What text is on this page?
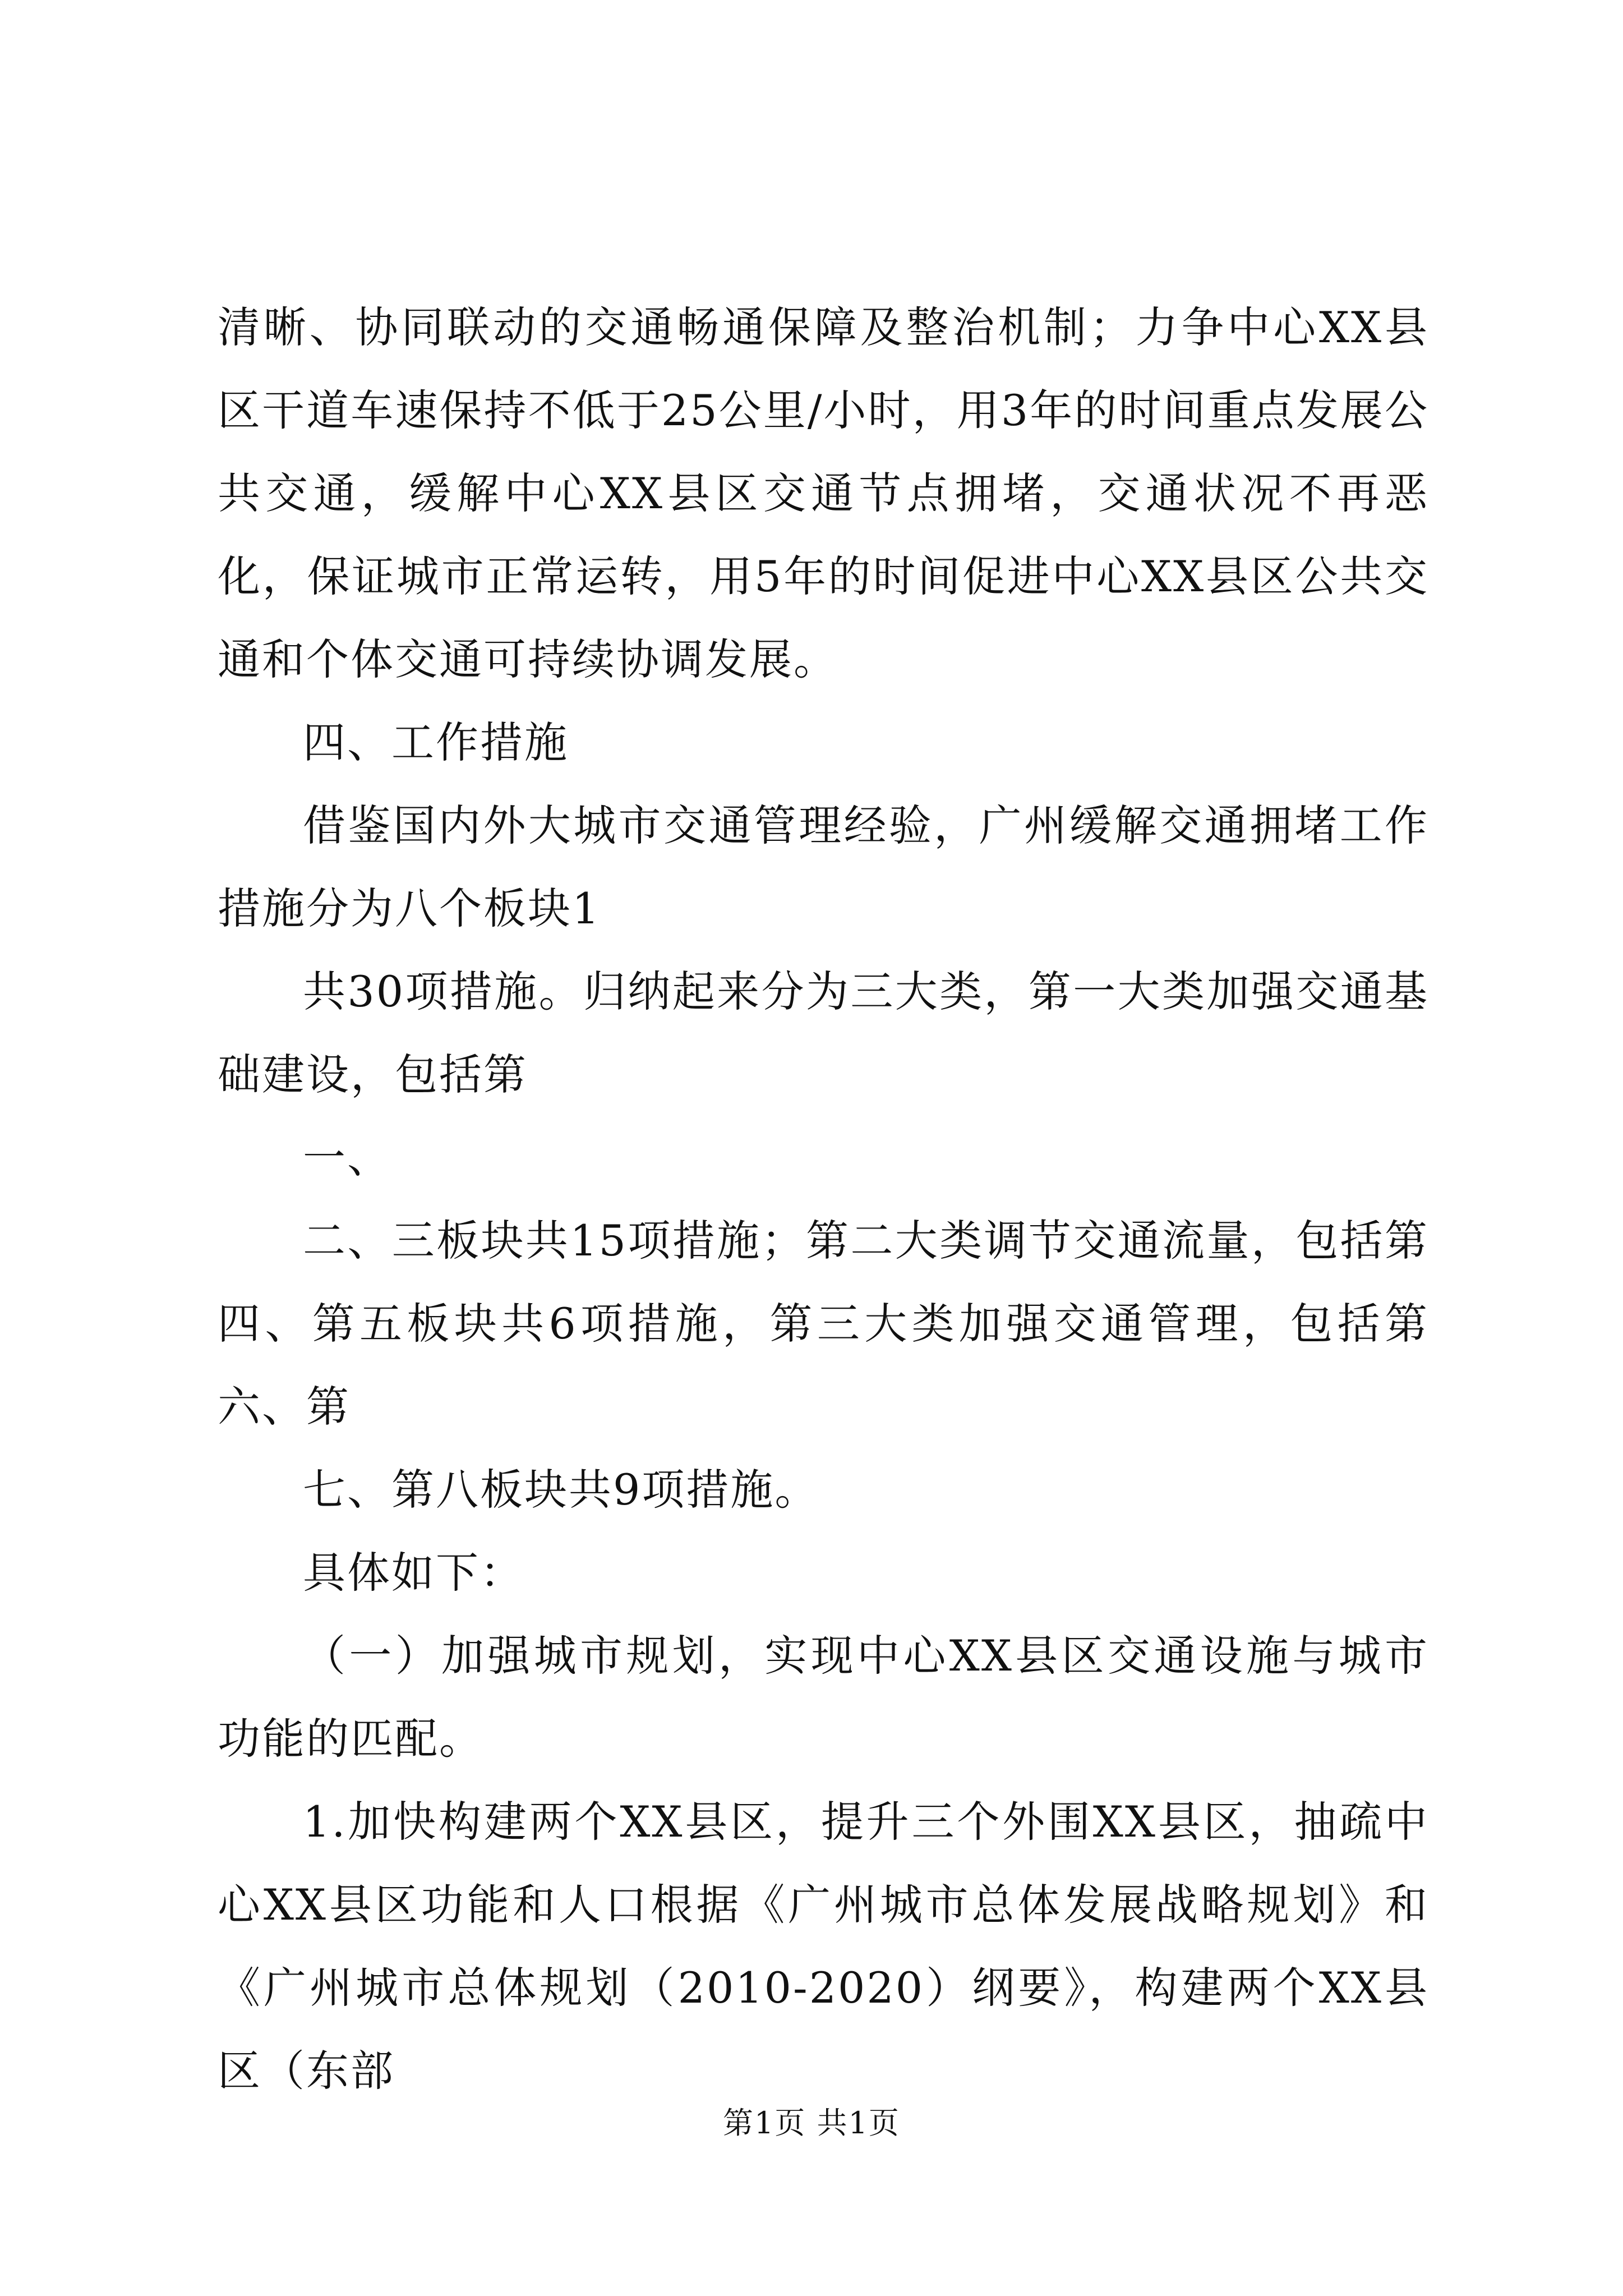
清晰、协同联动的交通畅通保障及整治机制；力争中心XX县区干道车速保持不低于25公里/小时，用3年的时间重点发展公共交通，缓解中心XX县区交通节点拥堵，交通状况不再恶化，保证城市正常运转，用5年的时间促进中心XX县区公共交通和个体交通可持续协调发展。

四、工作措施

借鉴国内外大城市交通管理经验，广州缓解交通拥堵工作措施分为八个板块1

共30项措施。归纳起来分为三大类，第一大类加强交通基础建设，包括第

一、

二、三板块共15项措施；第二大类调节交通流量，包括第四、第五板块共6项措施，第三大类加强交通管理，包括第六、第

七、第八板块共9项措施。

具体如下：

（一）加强城市规划，实现中心XX县区交通设施与城市功能的匹配。

1.加快构建两个XX县区，提升三个外围XX县区，抽疏中心XX县区功能和人口根据《广州城市总体发展战略规划》和《广州城市总体规划（2010-2020）纲要》，构建两个XX县区（东部

第1页 共1页
